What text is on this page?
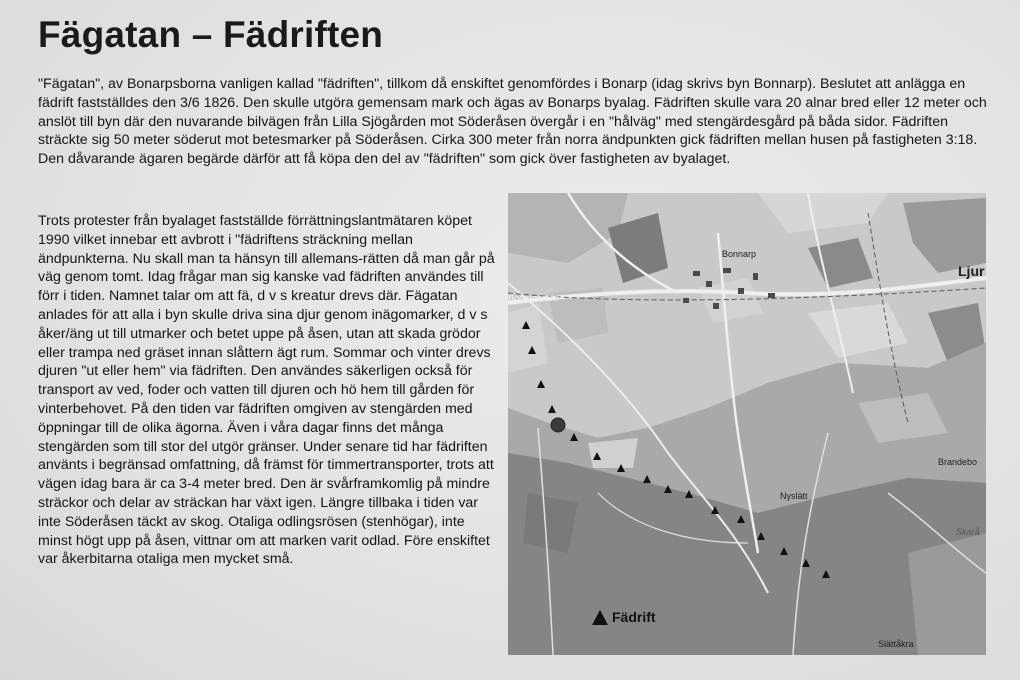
Fägatan – Fädriften

"Fägatan", av Bonarpsborna vanligen kallad "fädriften", tillkom då enskiftet genomfördes i Bonarp (idag skrivs byn Bonnarp). Beslutet att anlägga en fädrift fastställdes den 3/6 1826. Den skulle utgöra gemensam mark och ägas av Bonarps byalag. Fädriften skulle vara 20 alnar bred eller 12 meter och anslöt till byn där den nuvarande bilvägen från Lilla Sjögården mot Söderåsen övergår i en "hålväg" med stengärdesgård på båda sidor. Fädriften sträckte sig 50 meter söderut mot betesmarker på Söderåsen. Cirka 300 meter från norra ändpunkten gick fädriften mellan husen på fastigheten 3:18. Den dåvarande ägaren begärde därför att få köpa den del av "fädriften" som gick över fastigheten av byalaget.

Trots protester från byalaget fastställde förrättningslantmätaren köpet 1990 vilket innebar ett avbrott i "fädriftens sträckning mellan ändpunkterna. Nu skall man ta hänsyn till allemans-rätten då man går på väg genom tomt. Idag frågar man sig kanske vad fädriften användes till förr i tiden. Namnet talar om att fä, d v s kreatur drevs där. Fägatan anlades för att alla i byn skulle driva sina djur genom inägomarker, d v s åker/äng ut till utmarker och betet uppe på åsen, utan att skada grödor eller trampa ned gräset innan slåttern ägt rum. Sommar och vinter drevs djuren "ut eller hem" via fädriften. Den användes säkerligen också för transport av ved, foder och vatten till djuren och hö hem till gården för vinterbehovet. På den tiden var fädriften omgiven av stengärden med öppningar till de olika ägorna. Även i våra dagar finns det många stengärden som till stor del utgör gränser. Under senare tid har fädriften använts i begränsad omfattning, då främst för timmertransporter, trots att vägen idag bara är ca 3-4 meter bred. Den är svårframkomlig på mindre sträckor och delar av sträckan har växt igen. Längre tillbaka i tiden var inte Söderåsen täckt av skog. Otaliga odlingsrösen (stenhögar), inte minst högt upp på åsen, vittnar om att marken varit odlad. Före enskiftet var åkerbitarna otaliga men mycket små.

Bonnarp
Ljur
Bonarpsstön
Brandebo
Nyslätt
Skarå
Slättåkra
Fädrift
